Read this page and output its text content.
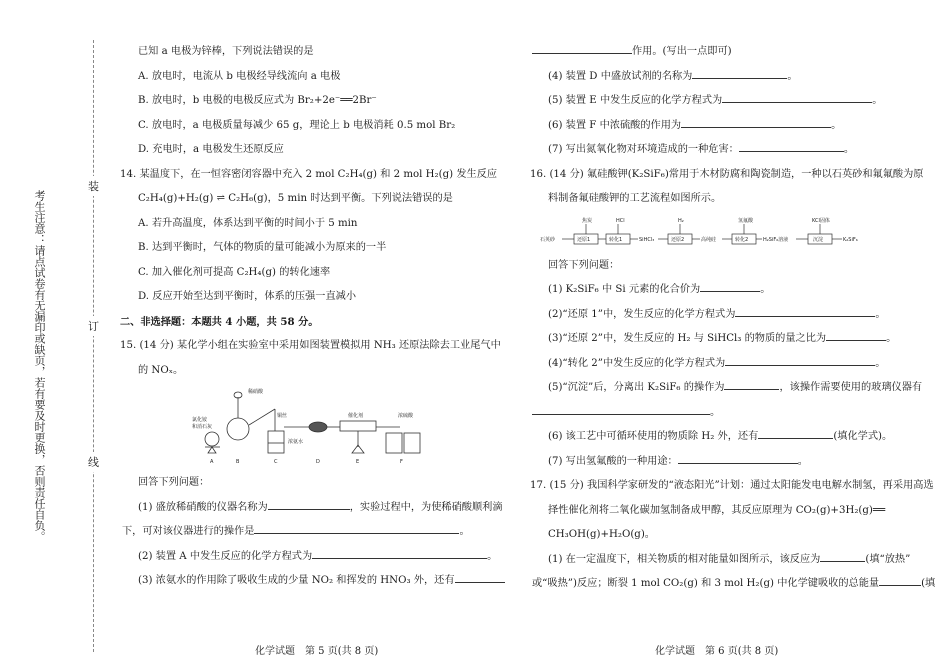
考生注意：请点试卷有无漏印或缺页，若有要及时更换，否则责任自负。
装
订
线
已知 a 电极为锌棒，下列说法错误的是
A. 放电时，电流从 b 电极经导线流向 a 电极
B. 放电时，b 电极的电极反应式为 Br₂+2e⁻══2Br⁻
C. 放电时，a 电极质量每减少 65 g，理论上 b 电极消耗 0.5 mol Br₂
D. 充电时，a 电极发生还原反应
14. 某温度下，在一恒容密闭容器中充入 2 mol C₂H₄(g) 和 2 mol H₂(g) 发生反应
C₂H₄(g)+H₂(g) ⇌ C₂H₆(g)，5 min 时达到平衡。下列说法错误的是
A. 若升高温度，体系达到平衡的时间小于 5 min
B. 达到平衡时，气体的物质的量可能减小为原来的一半
C. 加入催化剂可提高 C₂H₄(g) 的转化速率
D. 反应开始至达到平衡时，体系的压强一直减小
二、非选择题：本题共 4 小题，共 58 分。
15. (14 分) 某化学小组在实验室中采用如图装置模拟用 NH₃ 还原法除去工业尾气中
的 NOₓ。
稀硝酸
铜丝
氯化铵
和消石灰
浓氨水
催化剂	浓硫酸
A	B	C	D	E	F
回答下列问题：
(1) 盛放稀硝酸的仪器名称为	，实验过程中，为使稀硝酸顺利滴
下，可对该仪器进行的操作是	。
(2) 装置 A 中发生反应的化学方程式为	。
(3) 浓氨水的作用除了吸收生成的少量 NO₂ 和挥发的 HNO₃ 外，还有
化学试题　第 5 页(共 8 页)
作用。(写出一点即可)
(4) 装置 D 中盛放试剂的名称为	。
(5) 装置 E 中发生反应的化学方程式为	。
(6) 装置 F 中浓硫酸的作用为	。
(7) 写出氮氧化物对环境造成的一种危害：	。
16. (14 分) 氟硅酸钾(K₂SiF₆)常用于木材防腐和陶瓷制造，一种以石英砂和氟氟酸为原
料制备氟硅酸钾的工艺流程如图所示。
焦炭	HCl	H₂	氢氟酸	KCl固体
石英砂	还原1	转化1	SiHCl₃	还原2	高纯硅	转化2	H₂SiF₆溶液	沉淀	K₂SiF₆
回答下列问题：
(1) K₂SiF₆ 中 Si 元素的化合价为	。
(2)“还原 1”中，发生反应的化学方程式为	。
(3)“还原 2”中，发生反应的 H₂ 与 SiHCl₃ 的物质的量之比为	。
(4)“转化 2”中发生反应的化学方程式为	。
(5)“沉淀”后，分离出 K₂SiF₆ 的操作为	，该操作需要使用的玻璃仪器有
。
(6) 该工艺中可循环使用的物质除 H₂ 外，还有	(填化学式)。
(7) 写出氢氟酸的一种用途：	。
17. (15 分) 我国科学家研发的“液态阳光”计划：通过太阳能发电电解水制氢，再采用高选
择性催化剂将二氧化碳加氢制备成甲醇，其反应原理为 CO₂(g)+3H₂(g)══
CH₃OH(g)+H₂O(g)。
(1) 在一定温度下，相关物质的相对能量如图所示，该反应为	(填“放热”
或“吸热”)反应；断裂 1 mol CO₂(g) 和 3 mol H₂(g) 中化学键吸收的总能量	(填
化学试题　第 6 页(共 8 页)
